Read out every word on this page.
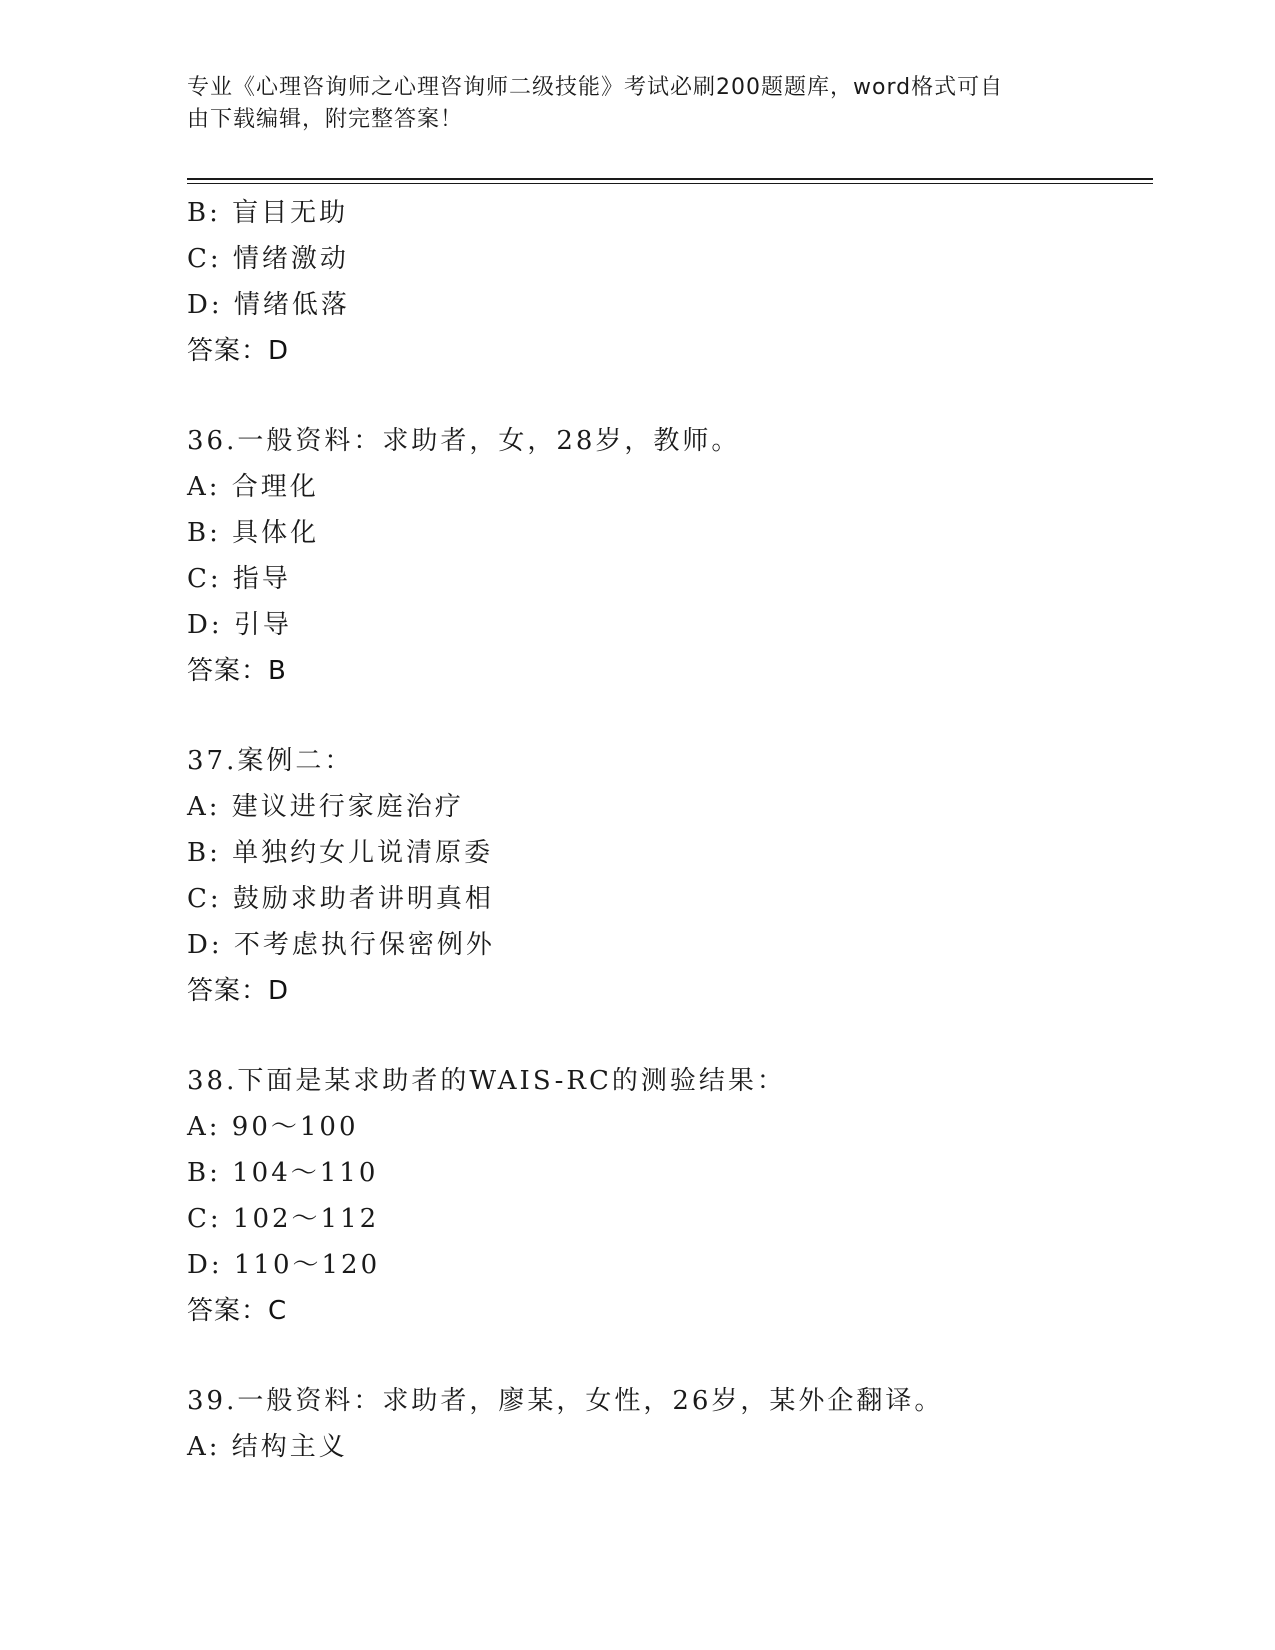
专业《心理咨询师之心理咨询师二级技能》考试必刷200题题库，word格式可自
由下载编辑，附完整答案！
B: 盲目无助
C: 情绪激动
D: 情绪低落
答案：D
36.一般资料：求助者，女，28岁，教师。
A: 合理化
B: 具体化
C: 指导
D: 引导
答案：B
37.案例二：
A: 建议进行家庭治疗
B: 单独约女儿说清原委
C: 鼓励求助者讲明真相
D: 不考虑执行保密例外
答案：D
38.下面是某求助者的WAIS-RC的测验结果：
A: 90～100
B: 104～110
C: 102～112
D: 110～120
答案：C
39.一般资料：求助者，廖某，女性，26岁，某外企翻译。
A: 结构主义
